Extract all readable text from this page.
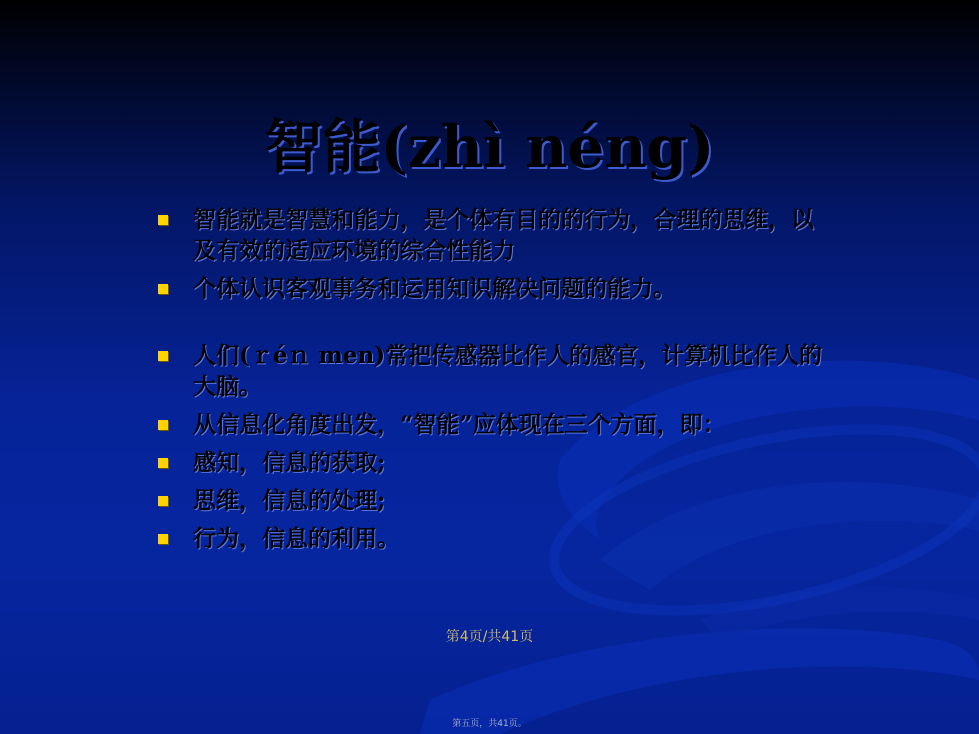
智能(zhì néng)
智能就是智慧和能力，是个体有目的的行为，合理的思维，以及有效的适应环境的综合性能力
个体认识客观事务和运用知识解决问题的能力。
人们(ｒéｎ men)常把传感器比作人的感官，计算机比作人的大脑。
从信息化角度出发，“智能”应体现在三个方面，即：
感知，信息的获取;
思维，信息的处理;
行为，信息的利用。
第4页/共41页
第五页，共41页。
